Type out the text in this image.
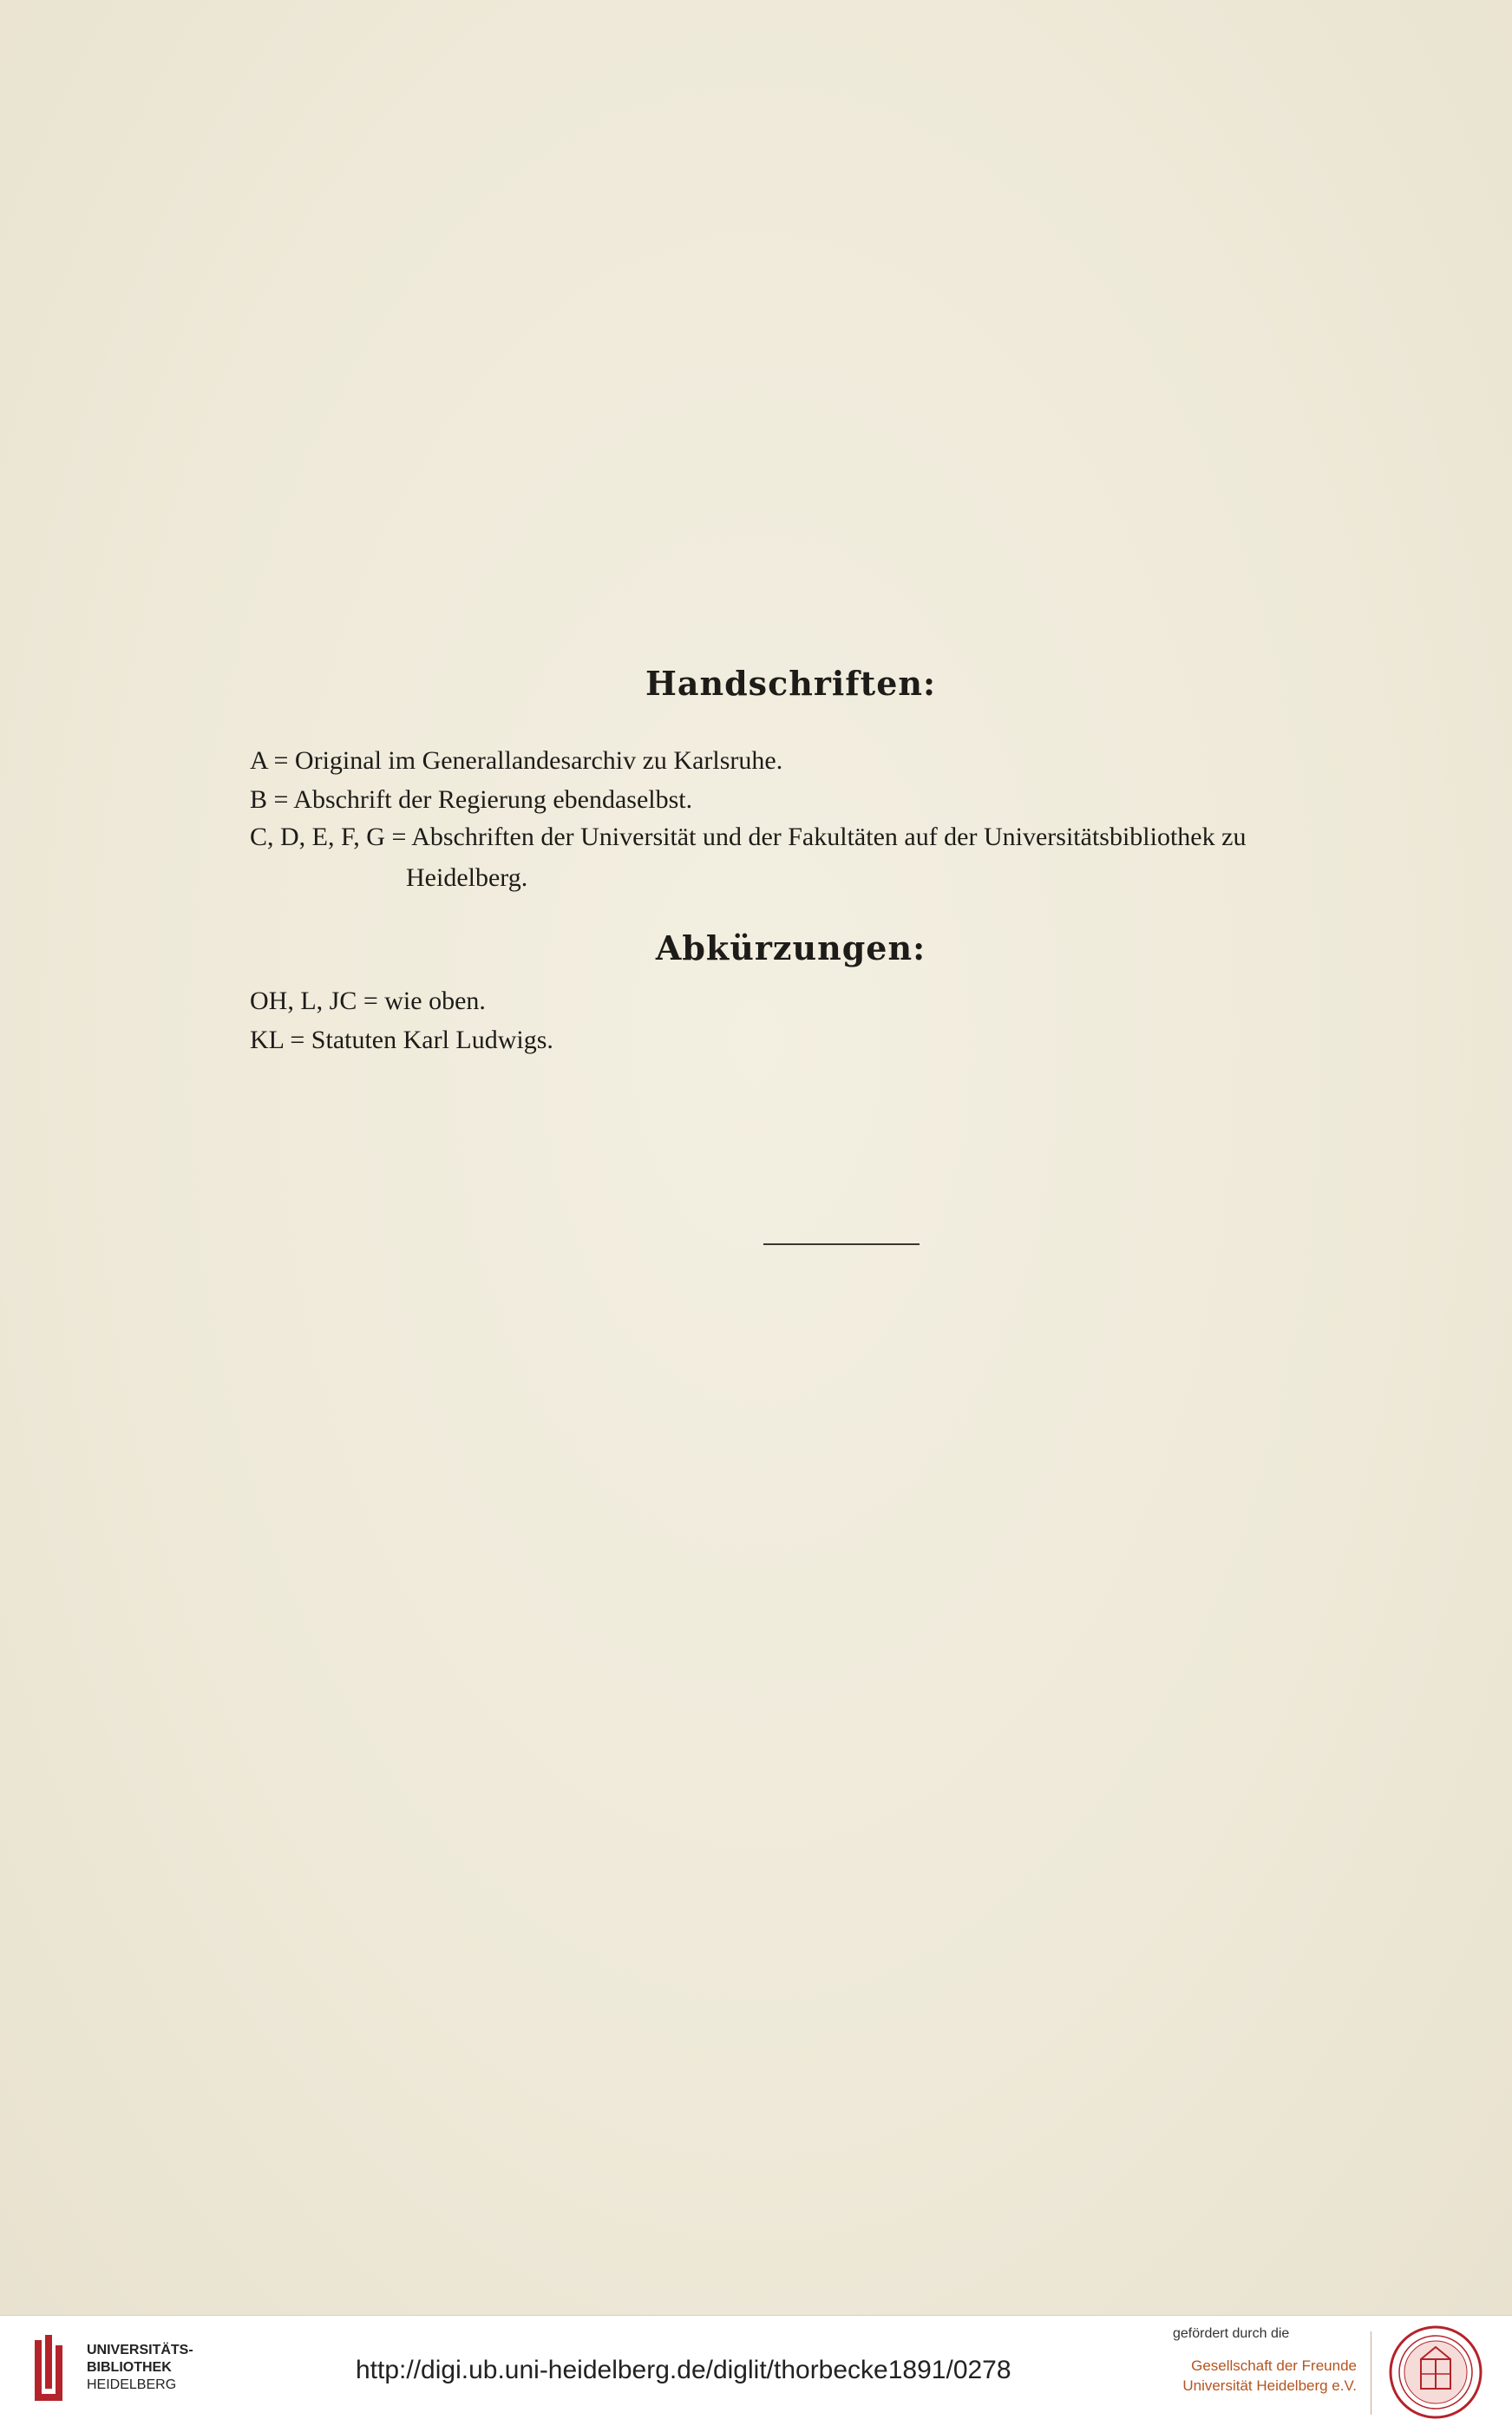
Handschriften:
A = Original im Generallandesarchiv zu Karlsruhe.
B = Abschrift der Regierung ebendaselbst.
C, D, E, F, G = Abschriften der Universität und der Fakultäten auf der Universitätsbibliothek zu
Heidelberg.
Abkürzungen:
OH, L, JC = wie oben.
KL = Statuten Karl Ludwigs.
UNIVERSITÄTS-
BIBLIOTHEK
HEIDELBERG
http://digi.ub.uni-heidelberg.de/diglit/thorbecke1891/0278
gefördert durch die
Gesellschaft der Freunde
Universität Heidelberg e.V.
